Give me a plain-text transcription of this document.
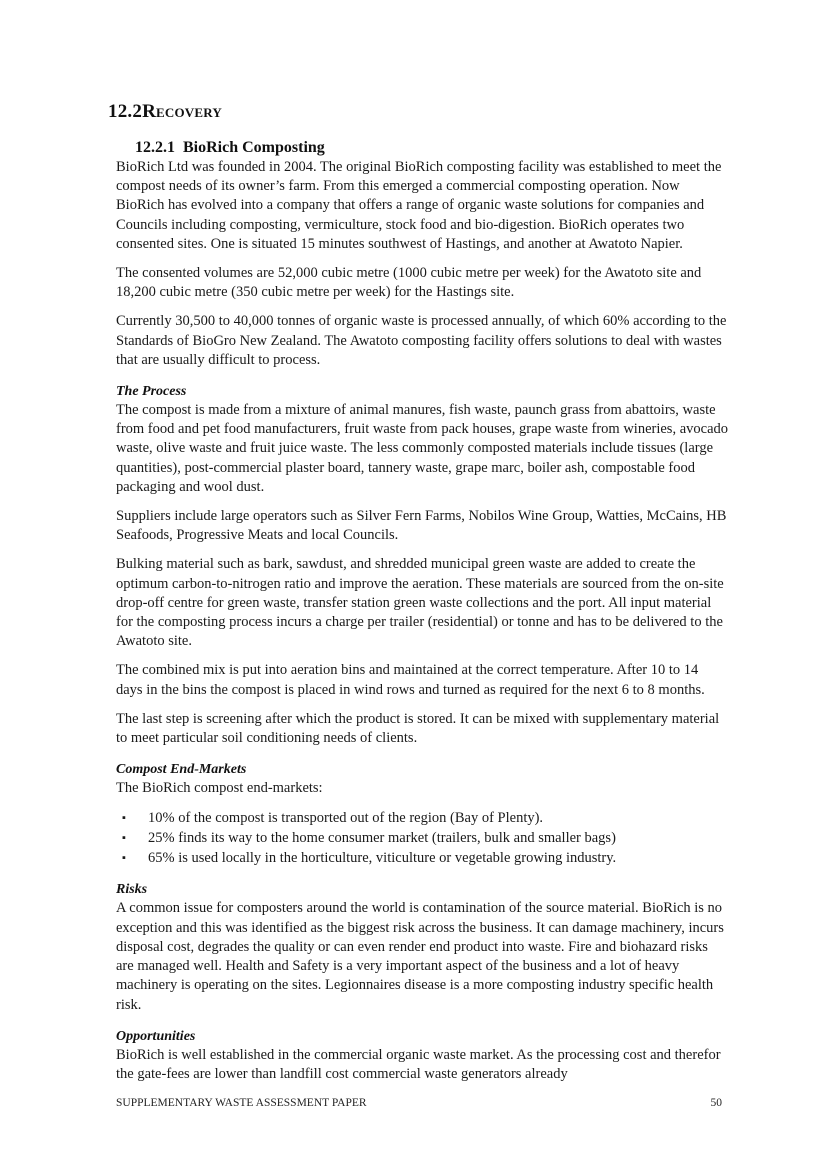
12.2Recovery
12.2.1 BioRich Composting

BioRich Ltd was founded in 2004. The original BioRich composting facility was established to meet the compost needs of its owner’s farm. From this emerged a commercial composting operation. Now BioRich has evolved into a company that offers a range of organic waste solutions for companies and Councils including composting, vermiculture, stock food and bio-digestion. BioRich operates two consented sites. One is situated 15 minutes southwest of Hastings, and another at Awatoto Napier.

The consented volumes are 52,000 cubic metre (1000 cubic metre per week) for the Awatoto site and 18,200 cubic metre (350 cubic metre per week) for the Hastings site.

Currently 30,500 to 40,000 tonnes of organic waste is processed annually, of which 60% according to the Standards of BioGro New Zealand. The Awatoto composting facility offers solutions to deal with wastes that are usually difficult to process.

The Process

The compost is made from a mixture of animal manures, fish waste, paunch grass from abattoirs, waste from food and pet food manufacturers, fruit waste from pack houses, grape waste from wineries, avocado waste, olive waste and fruit juice waste. The less commonly composted materials include tissues (large quantities), post-commercial plaster board, tannery waste, grape marc, boiler ash, compostable food packaging and wool dust.

Suppliers include large operators such as Silver Fern Farms, Nobilos Wine Group, Watties, McCains, HB Seafoods, Progressive Meats and local Councils.

Bulking material such as bark, sawdust, and shredded municipal green waste are added to create the optimum carbon-to-nitrogen ratio and improve the aeration. These materials are sourced from the on-site drop-off centre for green waste, transfer station green waste collections and the port. All input material for the composting process incurs a charge per trailer (residential) or tonne and has to be delivered to the Awatoto site.

The combined mix is put into aeration bins and maintained at the correct temperature. After 10 to 14 days in the bins the compost is placed in wind rows and turned as required for the next 6 to 8 months.

The last step is screening after which the product is stored. It can be mixed with supplementary material to meet particular soil conditioning needs of clients.

Compost End-Markets

The BioRich compost end-markets:

▪ 10% of the compost is transported out of the region (Bay of Plenty).
▪ 25% finds its way to the home consumer market (trailers, bulk and smaller bags)
▪ 65% is used locally in the horticulture, viticulture or vegetable growing industry.
Risks

A common issue for composters around the world is contamination of the source material. BioRich is no exception and this was identified as the biggest risk across the business. It can damage machinery, incurs disposal cost, degrades the quality or can even render end product into waste. Fire and biohazard risks are managed well. Health and Safety is a very important aspect of the business and a lot of heavy machinery is operating on the sites. Legionnaires disease is a more composting industry specific health risk.

Opportunities

BioRich is well established in the commercial organic waste market. As the processing cost and therefor the gate-fees are lower than landfill cost commercial waste generators already

SUPPLEMENTARY WASTE ASSESSMENT PAPER	50
